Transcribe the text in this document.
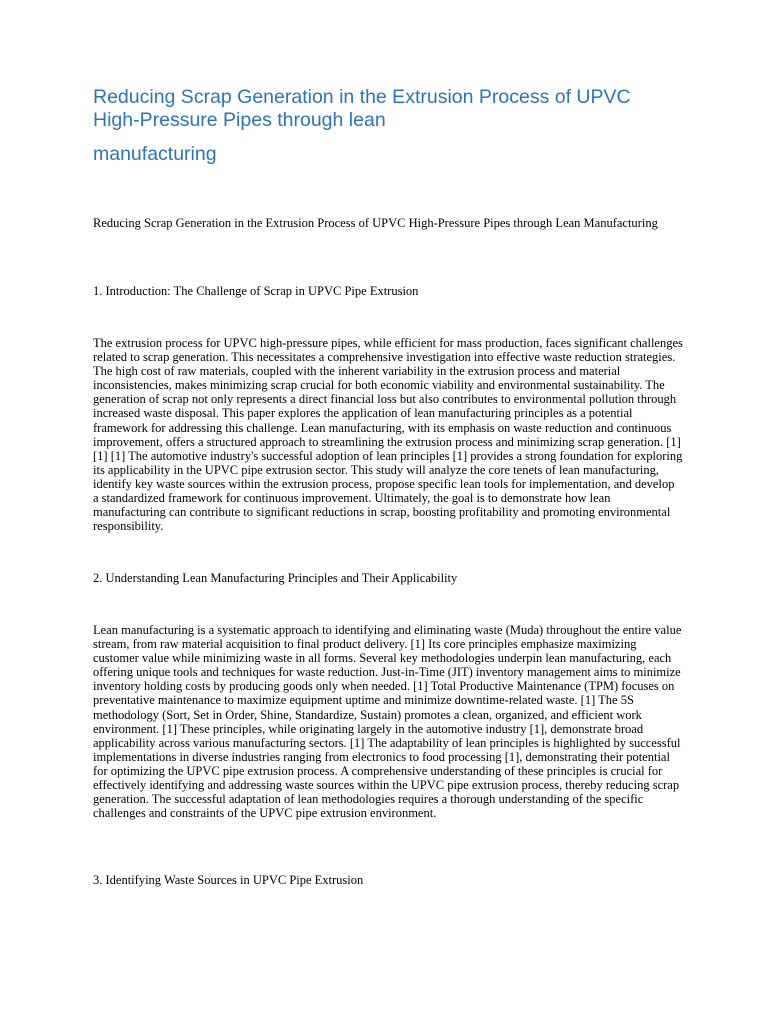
Reducing Scrap Generation in the Extrusion Process of UPVC
High-Pressure Pipes through lean
manufacturing

Reducing Scrap Generation in the Extrusion Process of UPVC High-Pressure Pipes through Lean Manufacturing

1. Introduction: The Challenge of Scrap in UPVC Pipe Extrusion

The extrusion process for UPVC high-pressure pipes, while efficient for mass production, faces significant challenges related to scrap generation. This necessitates a comprehensive investigation into effective waste reduction strategies. The high cost of raw materials, coupled with the inherent variability in the extrusion process and material inconsistencies, makes minimizing scrap crucial for both economic viability and environmental sustainability. The generation of scrap not only represents a direct financial loss but also contributes to environmental pollution through increased waste disposal. This paper explores the application of lean manufacturing principles as a potential framework for addressing this challenge. Lean manufacturing, with its emphasis on waste reduction and continuous improvement, offers a structured approach to streamlining the extrusion process and minimizing scrap generation. [1] [1] [1] The automotive industry's successful adoption of lean principles [1] provides a strong foundation for exploring its applicability in the UPVC pipe extrusion sector. This study will analyze the core tenets of lean manufacturing, identify key waste sources within the extrusion process, propose specific lean tools for implementation, and develop a standardized framework for continuous improvement. Ultimately, the goal is to demonstrate how lean manufacturing can contribute to significant reductions in scrap, boosting profitability and promoting environmental responsibility.

2. Understanding Lean Manufacturing Principles and Their Applicability

Lean manufacturing is a systematic approach to identifying and eliminating waste (Muda) throughout the entire value stream, from raw material acquisition to final product delivery. [1] Its core principles emphasize maximizing customer value while minimizing waste in all forms. Several key methodologies underpin lean manufacturing, each offering unique tools and techniques for waste reduction. Just-in-Time (JIT) inventory management aims to minimize inventory holding costs by producing goods only when needed. [1] Total Productive Maintenance (TPM) focuses on preventative maintenance to maximize equipment uptime and minimize downtime-related waste. [1] The 5S methodology (Sort, Set in Order, Shine, Standardize, Sustain) promotes a clean, organized, and efficient work environment. [1] These principles, while originating largely in the automotive industry [1], demonstrate broad applicability across various manufacturing sectors. [1] The adaptability of lean principles is highlighted by successful implementations in diverse industries ranging from electronics to food processing [1], demonstrating their potential for optimizing the UPVC pipe extrusion process. A comprehensive understanding of these principles is crucial for effectively identifying and addressing waste sources within the UPVC pipe extrusion process, thereby reducing scrap generation. The successful adaptation of lean methodologies requires a thorough understanding of the specific challenges and constraints of the UPVC pipe extrusion environment.

3. Identifying Waste Sources in UPVC Pipe Extrusion
